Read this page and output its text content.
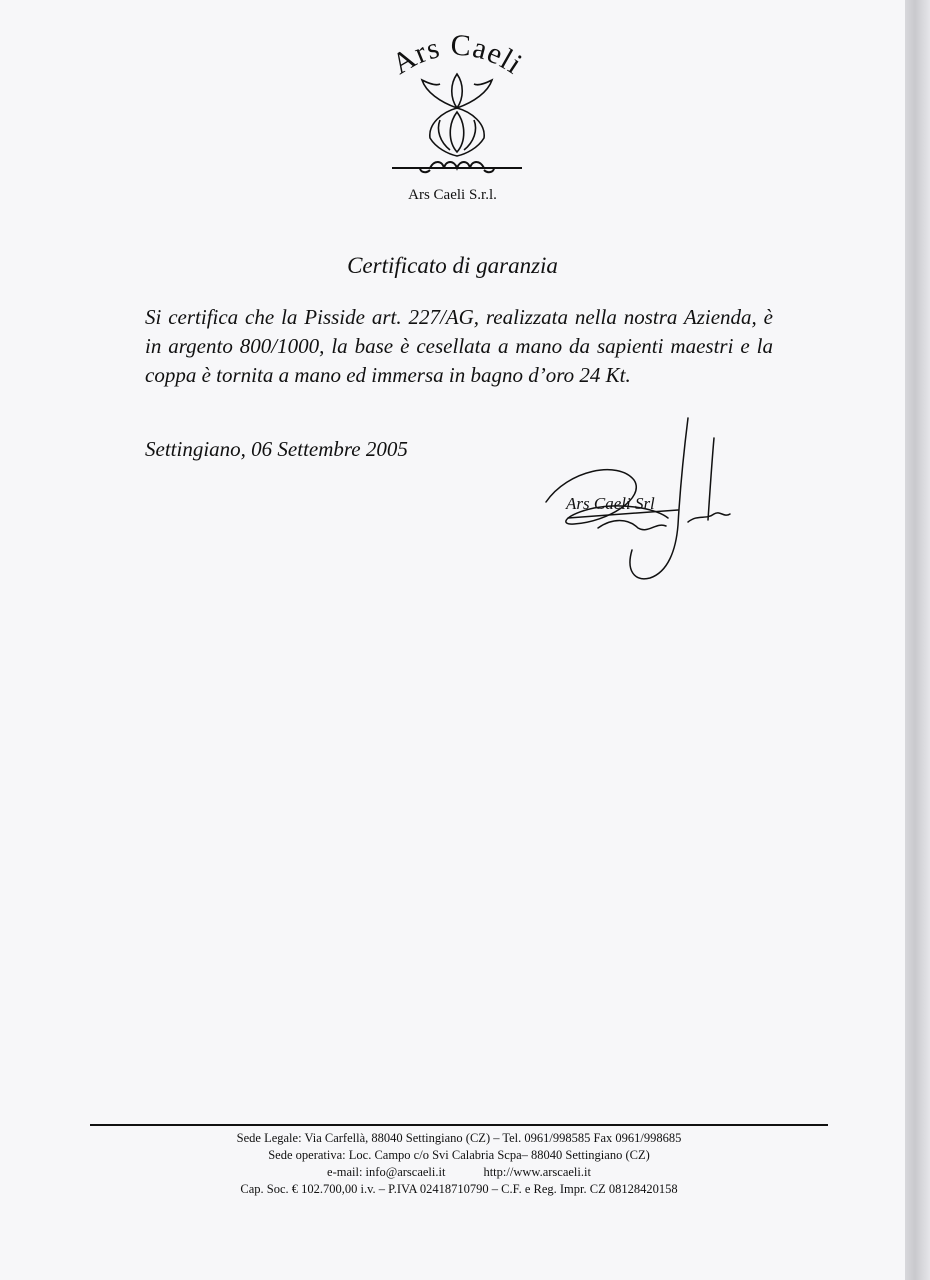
Ars Caeli
Ars Caeli S.r.l.
Certificato di garanzia
Si certifica che la Pisside art. 227/AG, realizzata nella nostra Azienda, è in argento 800/1000, la base è cesellata a mano da sapienti maestri e la coppa è tornita a mano ed immersa in bagno d’oro 24 Kt.
Settingiano, 06 Settembre 2005
Ars Caeli Srl
Sede Legale: Via Carfellà, 88040 Settingiano (CZ) – Tel. 0961/998585 Fax 0961/998685
Sede operativa: Loc. Campo c/o Svi Calabria Scpa– 88040 Settingiano (CZ)
e-mail: info@arscaeli.it	http://www.arscaeli.it
Cap. Soc. € 102.700,00 i.v. – P.IVA 02418710790 – C.F. e Reg. Impr. CZ 08128420158
